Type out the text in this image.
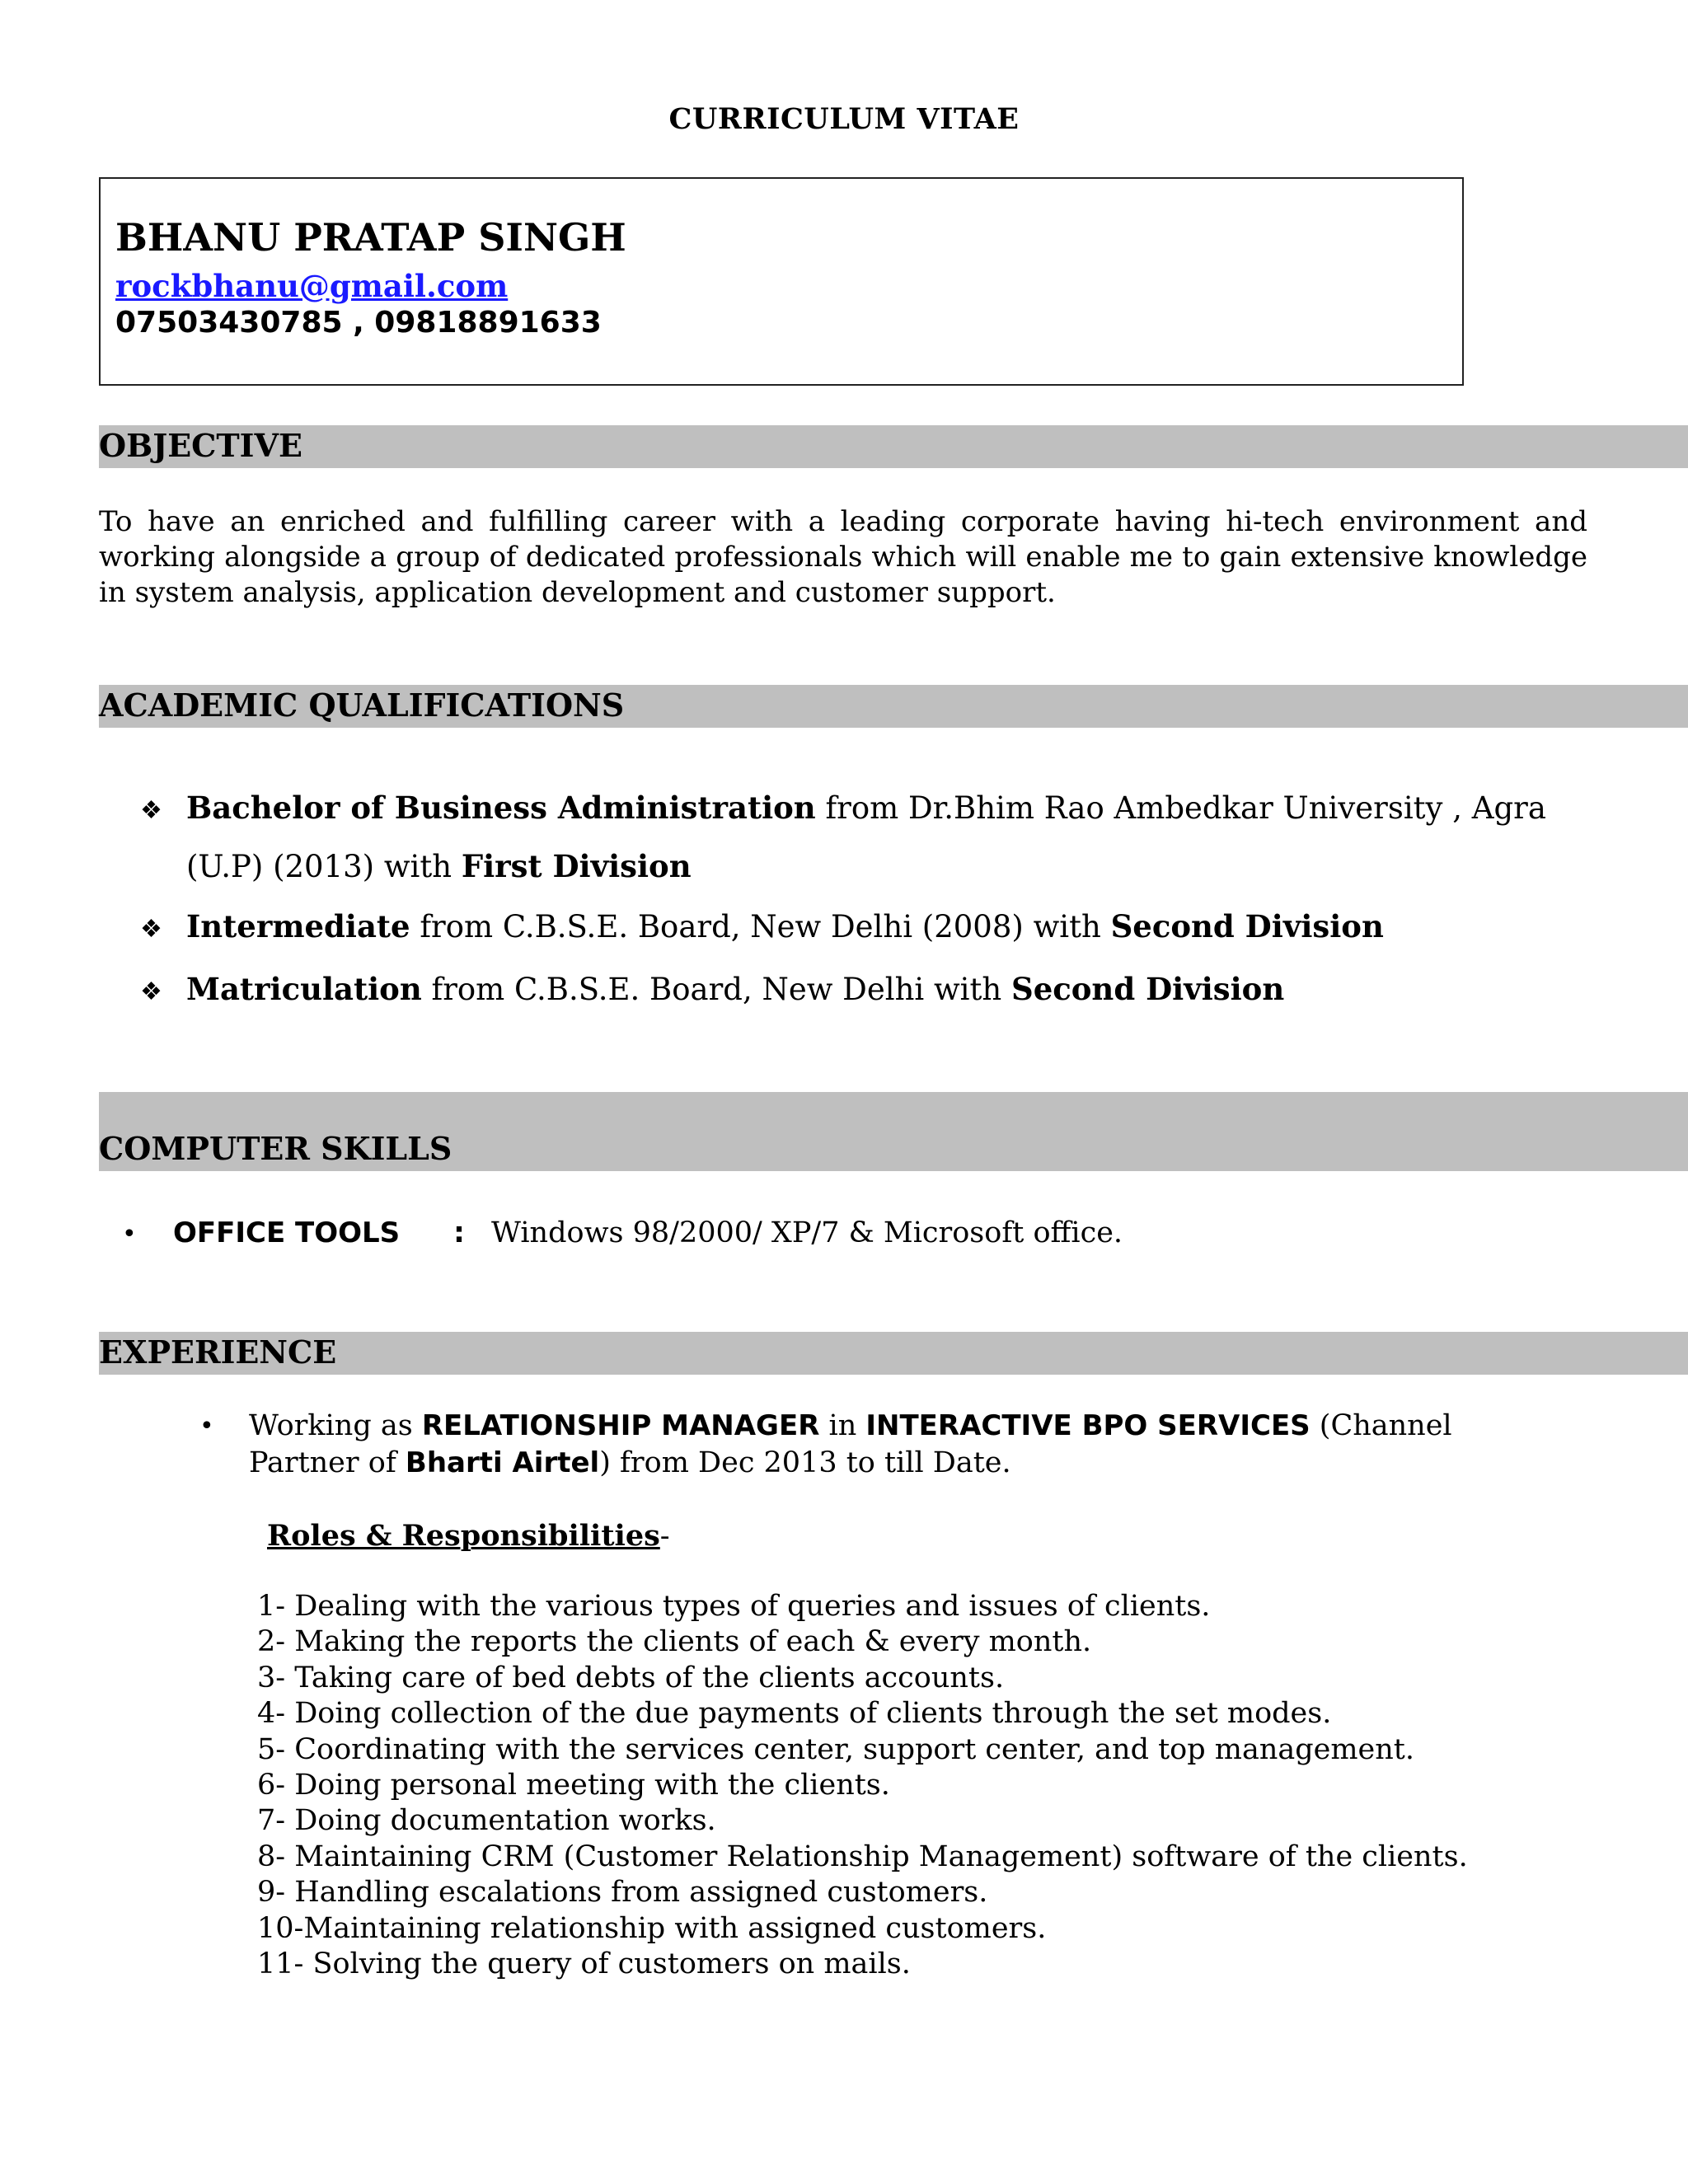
CURRICULUM VITAE
BHANU PRATAP SINGH
rockbhanu@gmail.com
07503430785 , 09818891633
OBJECTIVE
To have an enriched and fulfilling career with a leading corporate having hi-tech environment and working alongside a group of dedicated professionals which will enable me to gain extensive knowledge in system analysis, application development and customer support.
ACADEMIC QUALIFICATIONS
❖ Bachelor of Business Administration from Dr.Bhim Rao Ambedkar University , Agra
(U.P) (2013) with First Division
❖ Intermediate from C.B.S.E. Board, New Delhi (2008) with Second Division
❖ Matriculation from C.B.S.E. Board, New Delhi with Second Division
COMPUTER SKILLS
• OFFICE TOOLS : Windows 98/2000/ XP/7 & Microsoft office.
EXPERIENCE
• Working as RELATIONSHIP MANAGER in INTERACTIVE BPO SERVICES (Channel
Partner of Bharti Airtel) from Dec 2013 to till Date.
Roles & Responsibilities-
1- Dealing with the various types of queries and issues of clients.
2- Making the reports the clients of each & every month.
3- Taking care of bed debts of the clients accounts.
4- Doing collection of the due payments of clients through the set modes.
5- Coordinating with the services center, support center, and top management.
6- Doing personal meeting with the clients.
7- Doing documentation works.
8- Maintaining CRM (Customer Relationship Management) software of the clients.
9- Handling escalations from assigned customers.
10-Maintaining relationship with assigned customers.
11- Solving the query of customers on mails.
